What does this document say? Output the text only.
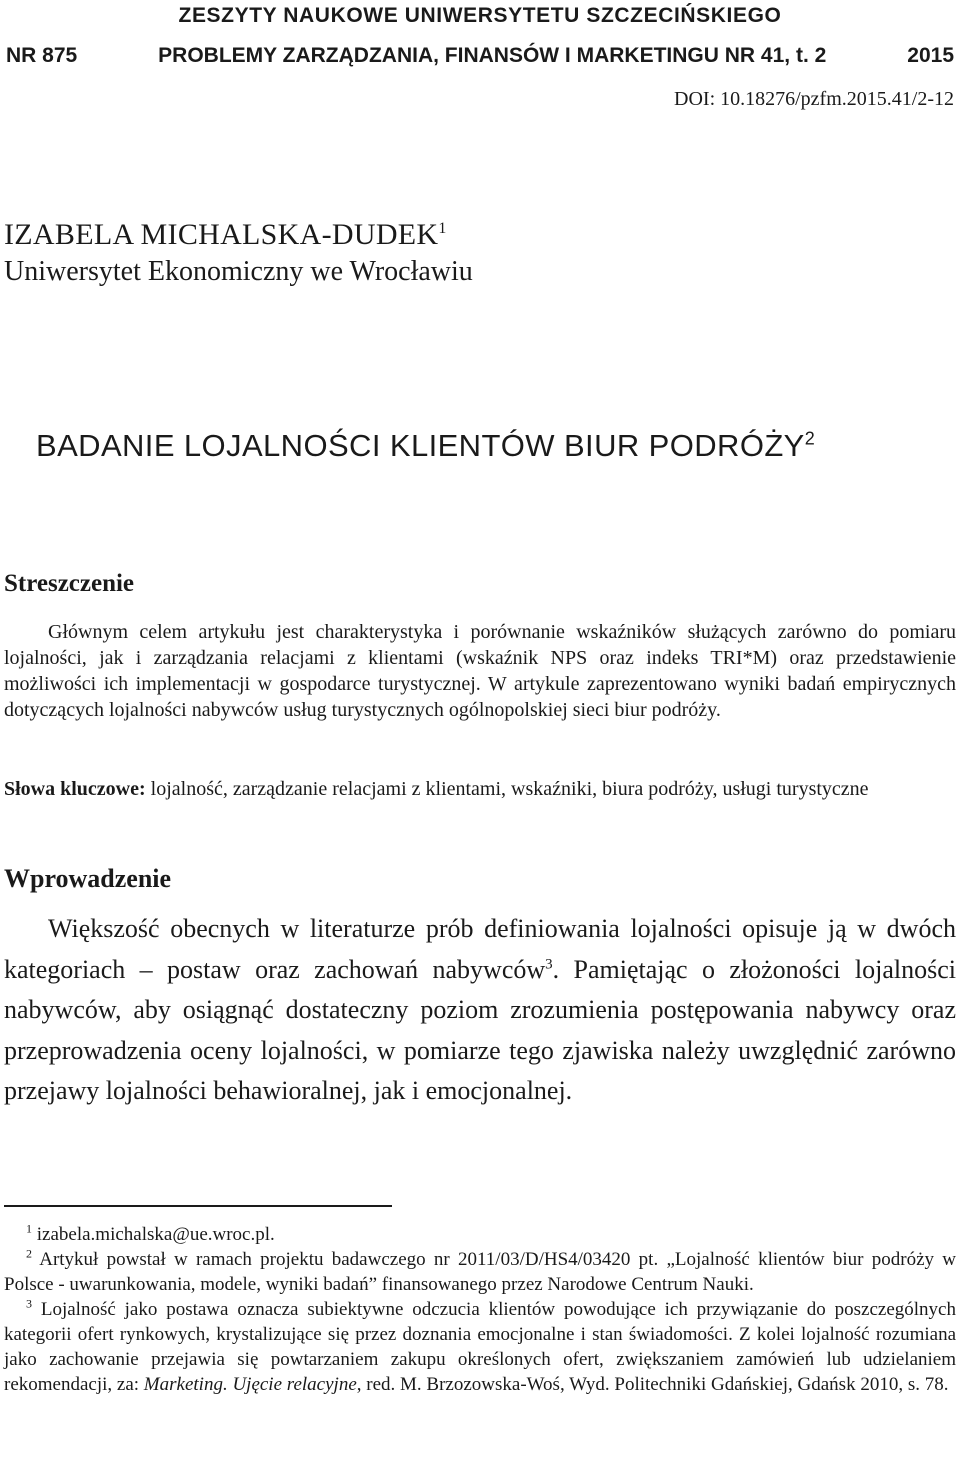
ZESZYTY NAUKOWE UNIWERSYTETU SZCZECIŃSKIEGO

NR 875	PROBLEMY ZARZĄDZANIA, FINANSÓW I MARKETINGU NR 41, t. 2	2015

DOI: 10.18276/pzfm.2015.41/2-12

IZABELA MICHALSKA-DUDEK$^1$

Uniwersytet Ekonomiczny we Wrocławiu

BADANIE LOJALNOŚCI KLIENTÓW BIUR PODRÓŻY$^2$
Streszczenie

Głównym celem artykułu jest charakterystyka i porównanie wskaźników służących zarówno do pomiaru lojalności, jak i zarządzania relacjami z klientami (wskaźnik NPS oraz indeks TRI*M) oraz przedstawienie możliwości ich implementacji w gospodarce turystycznej. W artykule zaprezentowano wyniki badań empirycznych dotyczących lojalności nabywców usług turystycznych ogólnopolskiej sieci biur podróży.

Słowa kluczowe: lojalność, zarządzanie relacjami z klientami, wskaźniki, biura podróży, usługi turystyczne

Wprowadzenie

Większość obecnych w literaturze prób definiowania lojalności opisuje ją w dwóch kategoriach – postaw oraz zachowań nabywców$^3$. Pamiętając o złożoności lojalności nabywców, aby osiągnąć dostateczny poziom zrozumienia postępowania nabywcy oraz przeprowadzenia oceny lojalności, w pomiarze tego zjawiska należy uwzględnić zarówno przejawy lojalności behawioralnej, jak i emocjonalnej.

$^1$ izabela.michalska@ue.wroc.pl.

$^2$ Artykuł powstał w ramach projektu badawczego nr 2011/03/D/HS4/03420 pt. „Lojalność klientów biur podróży w Polsce - uwarunkowania, modele, wyniki badań” finansowanego przez Narodowe Centrum Nauki.

$^3$ Lojalność jako postawa oznacza subiektywne odczucia klientów powodujące ich przywiązanie do poszczególnych kategorii ofert rynkowych, krystalizujące się przez doznania emocjonalne i stan świadomości. Z kolei lojalność rozumiana jako zachowanie przejawia się powtarzaniem zakupu określonych ofert, zwiększaniem zamówień lub udzielaniem rekomendacji, za: Marketing. Ujęcie relacyjne, red. M. Brzozowska-Woś, Wyd. Politechniki Gdańskiej, Gdańsk 2010, s. 78.
